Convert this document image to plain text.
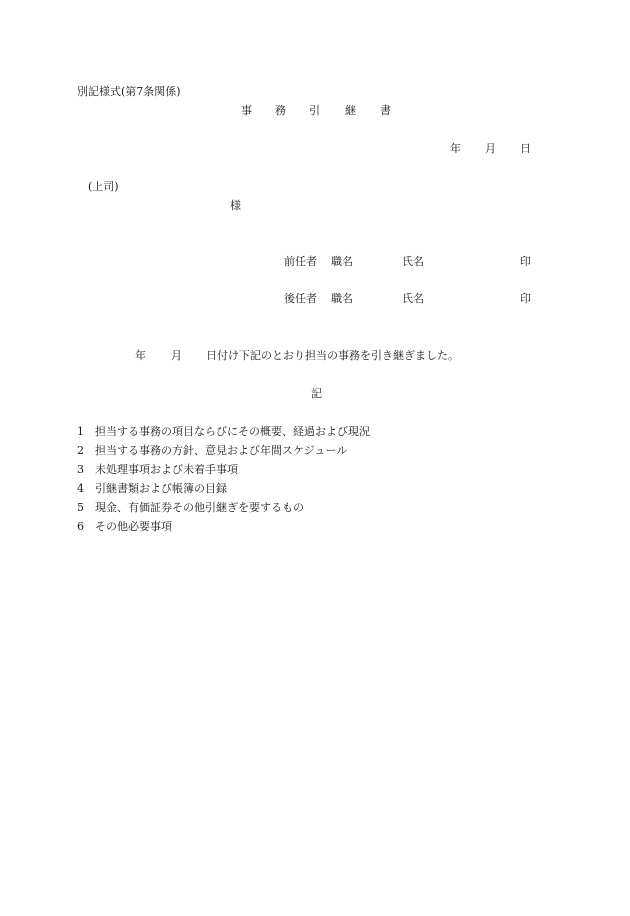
別記様式(第7条関係)
事 務 引 継 書
年 月 日
(上司)
様
前任者 職名	氏名	印
後任者 職名	氏名	印
年 月 日付け下記のとおり担当の事務を引き継ぎました。
記
1 担当する事務の項目ならびにその概要、経過および現況
2 担当する事務の方針、意見および年間スケジュール
3 未処理事項および未着手事項
4 引継書類および帳簿の目録
5 現金、有価証券その他引継ぎを要するもの
6 その他必要事項
